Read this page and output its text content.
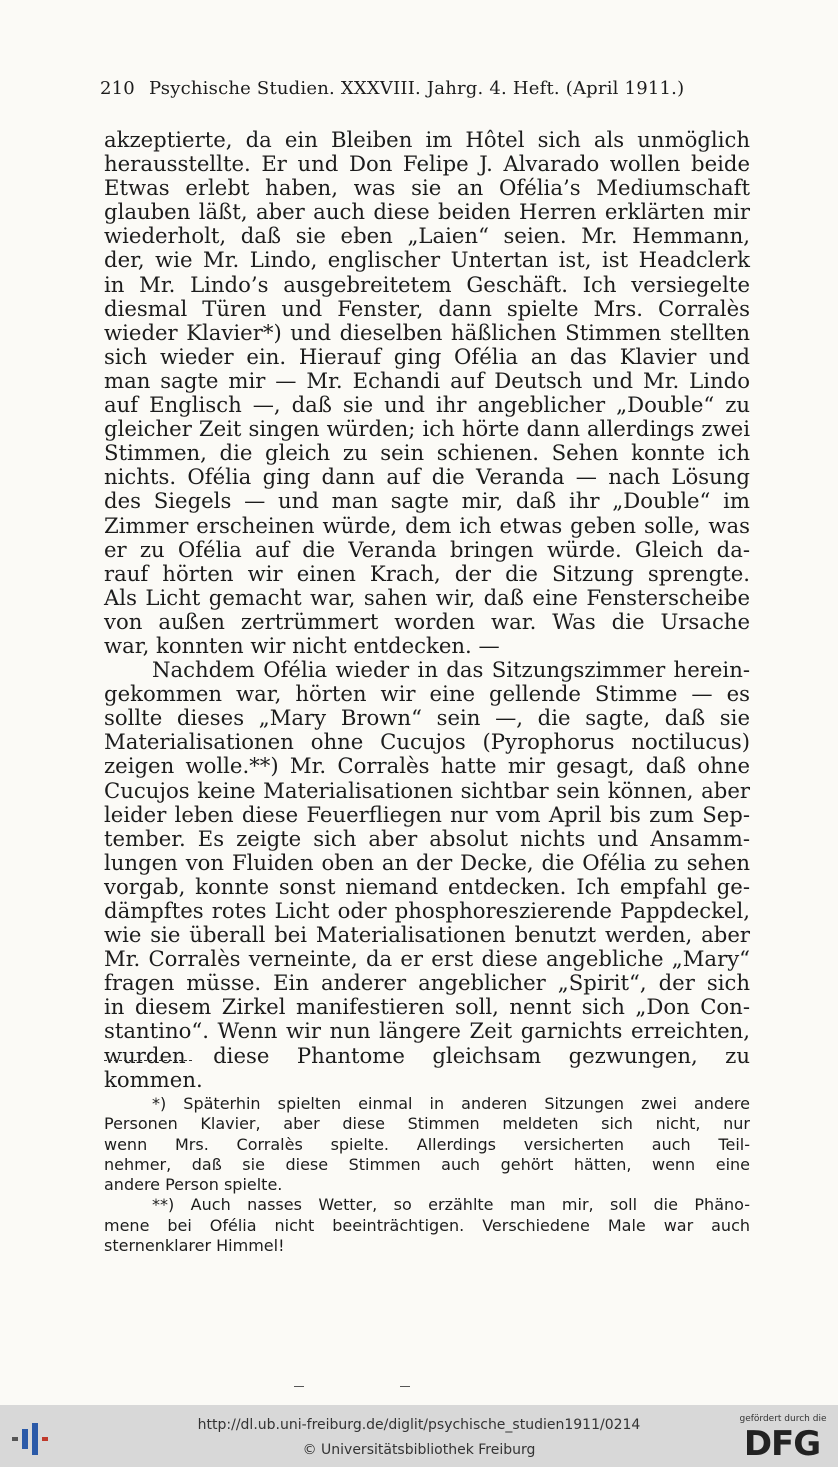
210 Psychische Studien. XXXVIII. Jahrg. 4. Heft. (April 1911.)
akzeptierte, da ein Bleiben im Hôtel sich als unmöglich
herausstellte. Er und Don Felipe J. Alvarado wollen beide
Etwas erlebt haben, was sie an Ofélia’s Mediumschaft
glauben läßt, aber auch diese beiden Herren erklärten mir
wiederholt, daß sie eben „Laien“ seien. Mr. Hemmann,
der, wie Mr. Lindo, englischer Untertan ist, ist Headclerk
in Mr. Lindo’s ausgebreitetem Geschäft. Ich versiegelte
diesmal Türen und Fenster, dann spielte Mrs. Corralès
wieder Klavier*) und dieselben häßlichen Stimmen stellten
sich wieder ein. Hierauf ging Ofélia an das Klavier und
man sagte mir — Mr. Echandi auf Deutsch und Mr. Lindo
auf Englisch —, daß sie und ihr angeblicher „Double“ zu
gleicher Zeit singen würden; ich hörte dann allerdings zwei
Stimmen, die gleich zu sein schienen. Sehen konnte ich
nichts. Ofélia ging dann auf die Veranda — nach Lösung
des Siegels — und man sagte mir, daß ihr „Double“ im
Zimmer erscheinen würde, dem ich etwas geben solle, was
er zu Ofélia auf die Veranda bringen würde. Gleich da-
rauf hörten wir einen Krach, der die Sitzung sprengte.
Als Licht gemacht war, sahen wir, daß eine Fensterscheibe
von außen zertrümmert worden war. Was die Ursache
war, konnten wir nicht entdecken. —
Nachdem Ofélia wieder in das Sitzungszimmer herein-
gekommen war, hörten wir eine gellende Stimme — es
sollte dieses „Mary Brown“ sein —, die sagte, daß sie
Materialisationen ohne Cucujos (Pyrophorus noctilucus)
zeigen wolle.**) Mr. Corralès hatte mir gesagt, daß ohne
Cucujos keine Materialisationen sichtbar sein können, aber
leider leben diese Feuerfliegen nur vom April bis zum Sep-
tember. Es zeigte sich aber absolut nichts und Ansamm-
lungen von Fluiden oben an der Decke, die Ofélia zu sehen
vorgab, konnte sonst niemand entdecken. Ich empfahl ge-
dämpftes rotes Licht oder phosphoreszierende Pappdeckel,
wie sie überall bei Materialisationen benutzt werden, aber
Mr. Corralès verneinte, da er erst diese angebliche „Mary“
fragen müsse. Ein anderer angeblicher „Spirit“, der sich
in diesem Zirkel manifestieren soll, nennt sich „Don Con-
stantino“. Wenn wir nun längere Zeit garnichts erreichten,
wurden diese Phantome gleichsam gezwungen, zu kommen.
*) Späterhin spielten einmal in anderen Sitzungen zwei andere
Personen Klavier, aber diese Stimmen meldeten sich nicht, nur
wenn Mrs. Corralès spielte. Allerdings versicherten auch Teil-
nehmer, daß sie diese Stimmen auch gehört hätten, wenn eine
andere Person spielte.
**) Auch nasses Wetter, so erzählte man mir, soll die Phäno-
mene bei Ofélia nicht beeinträchtigen. Verschiedene Male war auch
sternenklarer Himmel!
http://dl.ub.uni-freiburg.de/diglit/psychische_studien1911/0214
© Universitätsbibliothek Freiburg
gefördert durch die
DFG
